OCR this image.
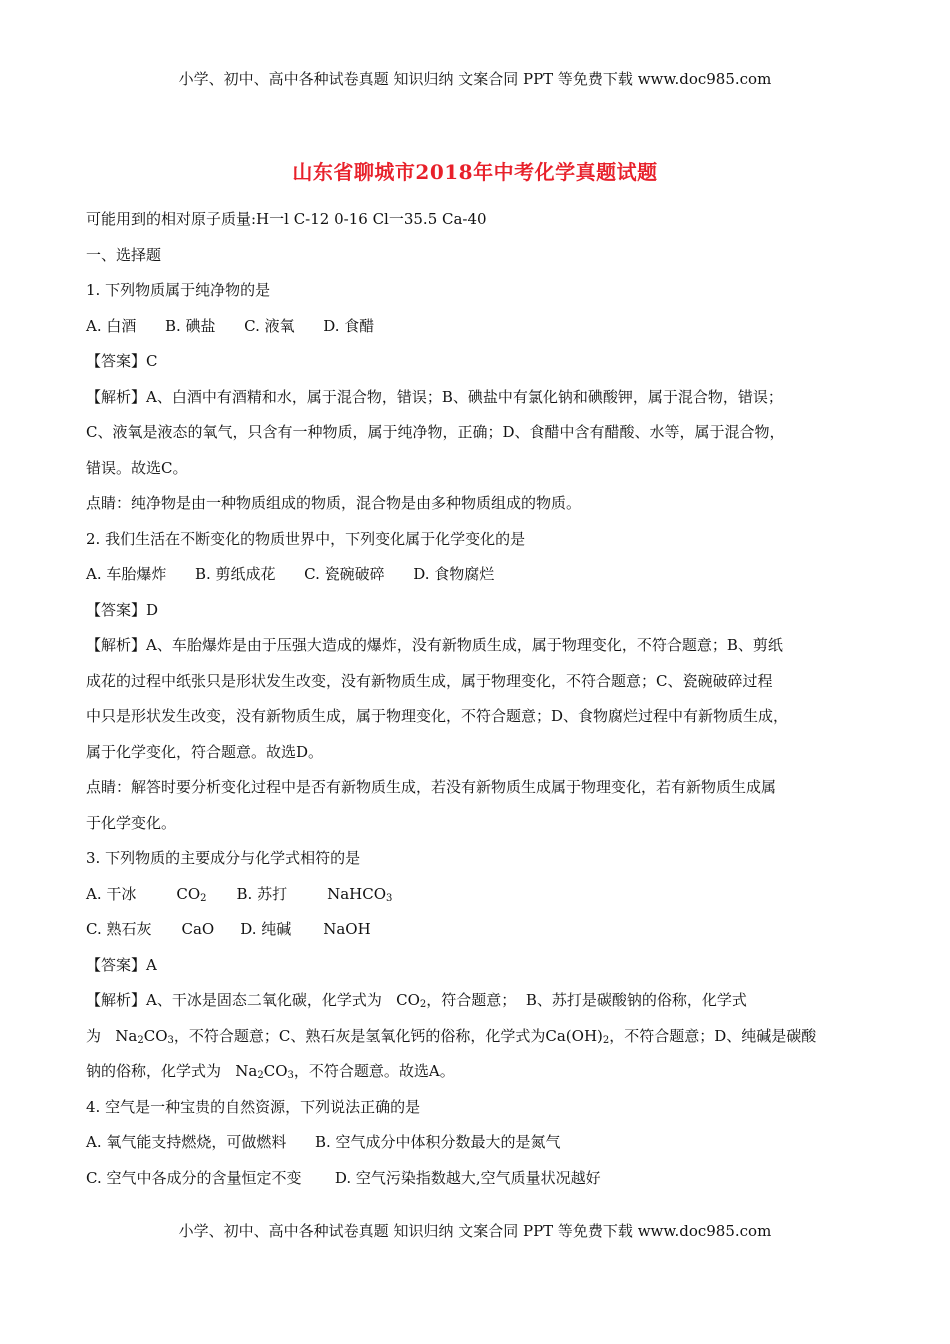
小学、初中、高中各种试卷真题 知识归纳 文案合同 PPT 等免费下载 www.doc985.com
山东省聊城市2018年中考化学真题试题
可能用到的相对原子质量:H一l C-12 0-16 Cl一35.5 Ca-40
一、选择题
1. 下列物质属于纯净物的是
A. 白酒      B. 碘盐      C. 液氧      D. 食醋
【答案】C
【解析】A、白酒中有酒精和水，属于混合物，错误；B、碘盐中有氯化钠和碘酸钾，属于混合物，错误；
C、液氧是液态的氧气，只含有一种物质，属于纯净物，正确；D、食醋中含有醋酸、水等，属于混合物，
错误。故选C。
点睛：纯净物是由一种物质组成的物质，混合物是由多种物质组成的物质。
2. 我们生活在不断变化的物质世界中，下列变化属于化学变化的是
A. 车胎爆炸      B. 剪纸成花      C. 瓷碗破碎      D. 食物腐烂
【答案】D
【解析】A、车胎爆炸是由于压强大造成的爆炸，没有新物质生成，属于物理变化，不符合题意；B、剪纸
成花的过程中纸张只是形状发生改变，没有新物质生成，属于物理变化，不符合题意；C、瓷碗破碎过程
中只是形状发生改变，没有新物质生成，属于物理变化，不符合题意；D、食物腐烂过程中有新物质生成，
属于化学变化，符合题意。故选D。
点睛：解答时要分析变化过程中是否有新物质生成，若没有新物质生成属于物理变化，若有新物质生成属
于化学变化。
3. 下列物质的主要成分与化学式相符的是
A. 干冰	$CO_2$ B. 苏打	NaHCO$_3$
C. 熟石灰 CaO D. 纯碱 NaOH
【答案】A
【解析】A、干冰是固态二氧化碳，化学式为   $CO_2$，符合题意；  B、苏打是碳酸钠的俗称，化学式
为   $Na_2CO_3$，不符合题意；C、熟石灰是氢氧化钙的俗称，化学式为$Ca(OH)_2$，不符合题意；D、纯碱是碳酸
钠的俗称，化学式为   $Na_2CO_3$，不符合题意。故选A。
4. 空气是一种宝贵的自然资源，下列说法正确的是
A. 氧气能支持燃烧，可做燃料      B. 空气成分中体积分数最大的是氮气
C. 空气中各成分的含量恒定不变       D. 空气污染指数越大,空气质量状况越好
小学、初中、高中各种试卷真题 知识归纳 文案合同 PPT 等免费下载 www.doc985.com
